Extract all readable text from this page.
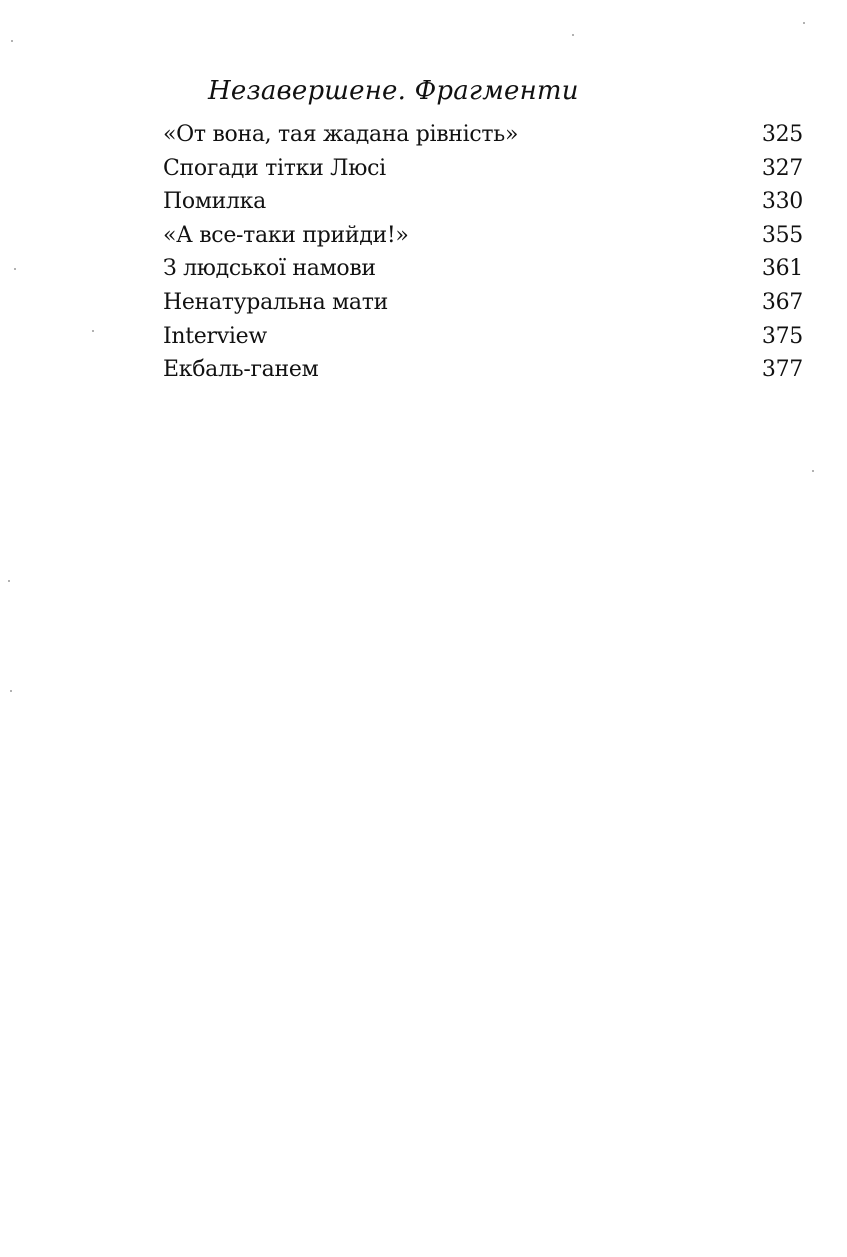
Незавершене. Фрагменти
«От вона, тая жадана рівність»	325
Спогади тітки Люсі	327
Помилка	330
«А все-таки прийди!»	355
З людської намови	361
Ненатуральна мати	367
Interview	375
Екбаль-ганем	377
